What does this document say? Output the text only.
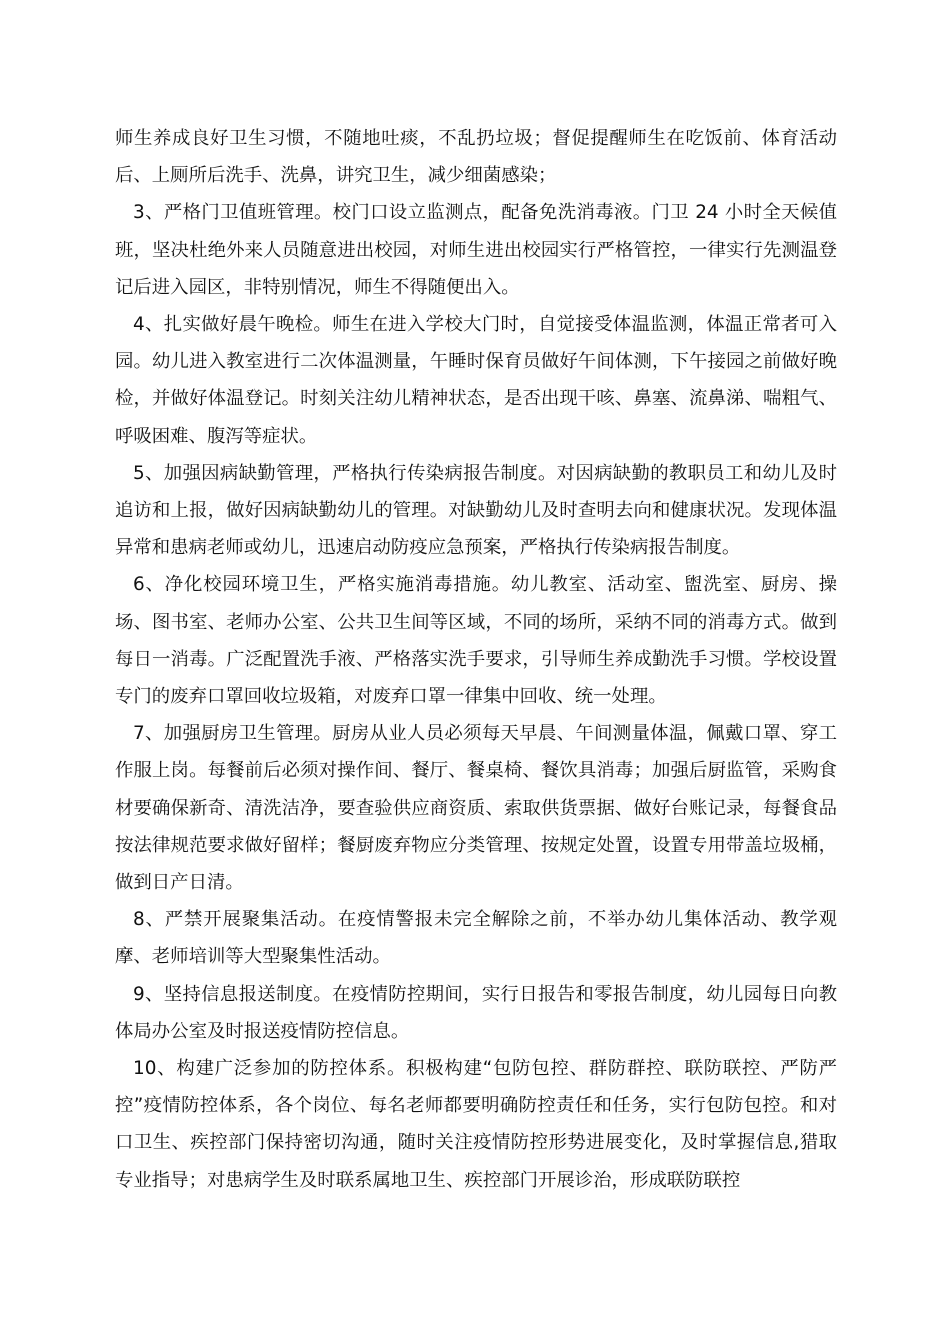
师生养成良好卫生习惯，不随地吐痰，不乱扔垃圾；督促提醒师生在吃饭前、体育活动后、上厕所后洗手、洗鼻，讲究卫生，减少细菌感染；

3、严格门卫值班管理。校门口设立监测点，配备免洗消毒液。门卫 24 小时全天候值班，坚决杜绝外来人员随意进出校园，对师生进出校园实行严格管控，一律实行先测温登记后进入园区，非特别情况，师生不得随便出入。

4、扎实做好晨午晚检。师生在进入学校大门时，自觉接受体温监测，体温正常者可入园。幼儿进入教室进行二次体温测量，午睡时保育员做好午间体测，下午接园之前做好晚检，并做好体温登记。时刻关注幼儿精神状态，是否出现干咳、鼻塞、流鼻涕、喘粗气、呼吸困难、腹泻等症状。

5、加强因病缺勤管理，严格执行传染病报告制度。对因病缺勤的教职员工和幼儿及时追访和上报，做好因病缺勤幼儿的管理。对缺勤幼儿及时查明去向和健康状况。发现体温异常和患病老师或幼儿，迅速启动防疫应急预案，严格执行传染病报告制度。

6、净化校园环境卫生，严格实施消毒措施。幼儿教室、活动室、盥洗室、厨房、操场、图书室、老师办公室、公共卫生间等区域，不同的场所，采纳不同的消毒方式。做到每日一消毒。广泛配置洗手液、严格落实洗手要求，引导师生养成勤洗手习惯。学校设置专门的废弃口罩回收垃圾箱，对废弃口罩一律集中回收、统一处理。

7、加强厨房卫生管理。厨房从业人员必须每天早晨、午间测量体温，佩戴口罩、穿工作服上岗。每餐前后必须对操作间、餐厅、餐桌椅、餐饮具消毒；加强后厨监管，采购食材要确保新奇、清洗洁净，要查验供应商资质、索取供货票据、做好台账记录，每餐食品按法律规范要求做好留样；餐厨废弃物应分类管理、按规定处置，设置专用带盖垃圾桶，做到日产日清。

8、严禁开展聚集活动。在疫情警报未完全解除之前，不举办幼儿集体活动、教学观摩、老师培训等大型聚集性活动。

9、坚持信息报送制度。在疫情防控期间，实行日报告和零报告制度，幼儿园每日向教体局办公室及时报送疫情防控信息。

10、构建广泛参加的防控体系。积极构建“包防包控、群防群控、联防联控、严防严控”疫情防控体系，各个岗位、每名老师都要明确防控责任和任务，实行包防包控。和对口卫生、疾控部门保持密切沟通，随时关注疫情防控形势进展变化，及时掌握信息,猎取专业指导；对患病学生及时联系属地卫生、疾控部门开展诊治，形成联防联控
